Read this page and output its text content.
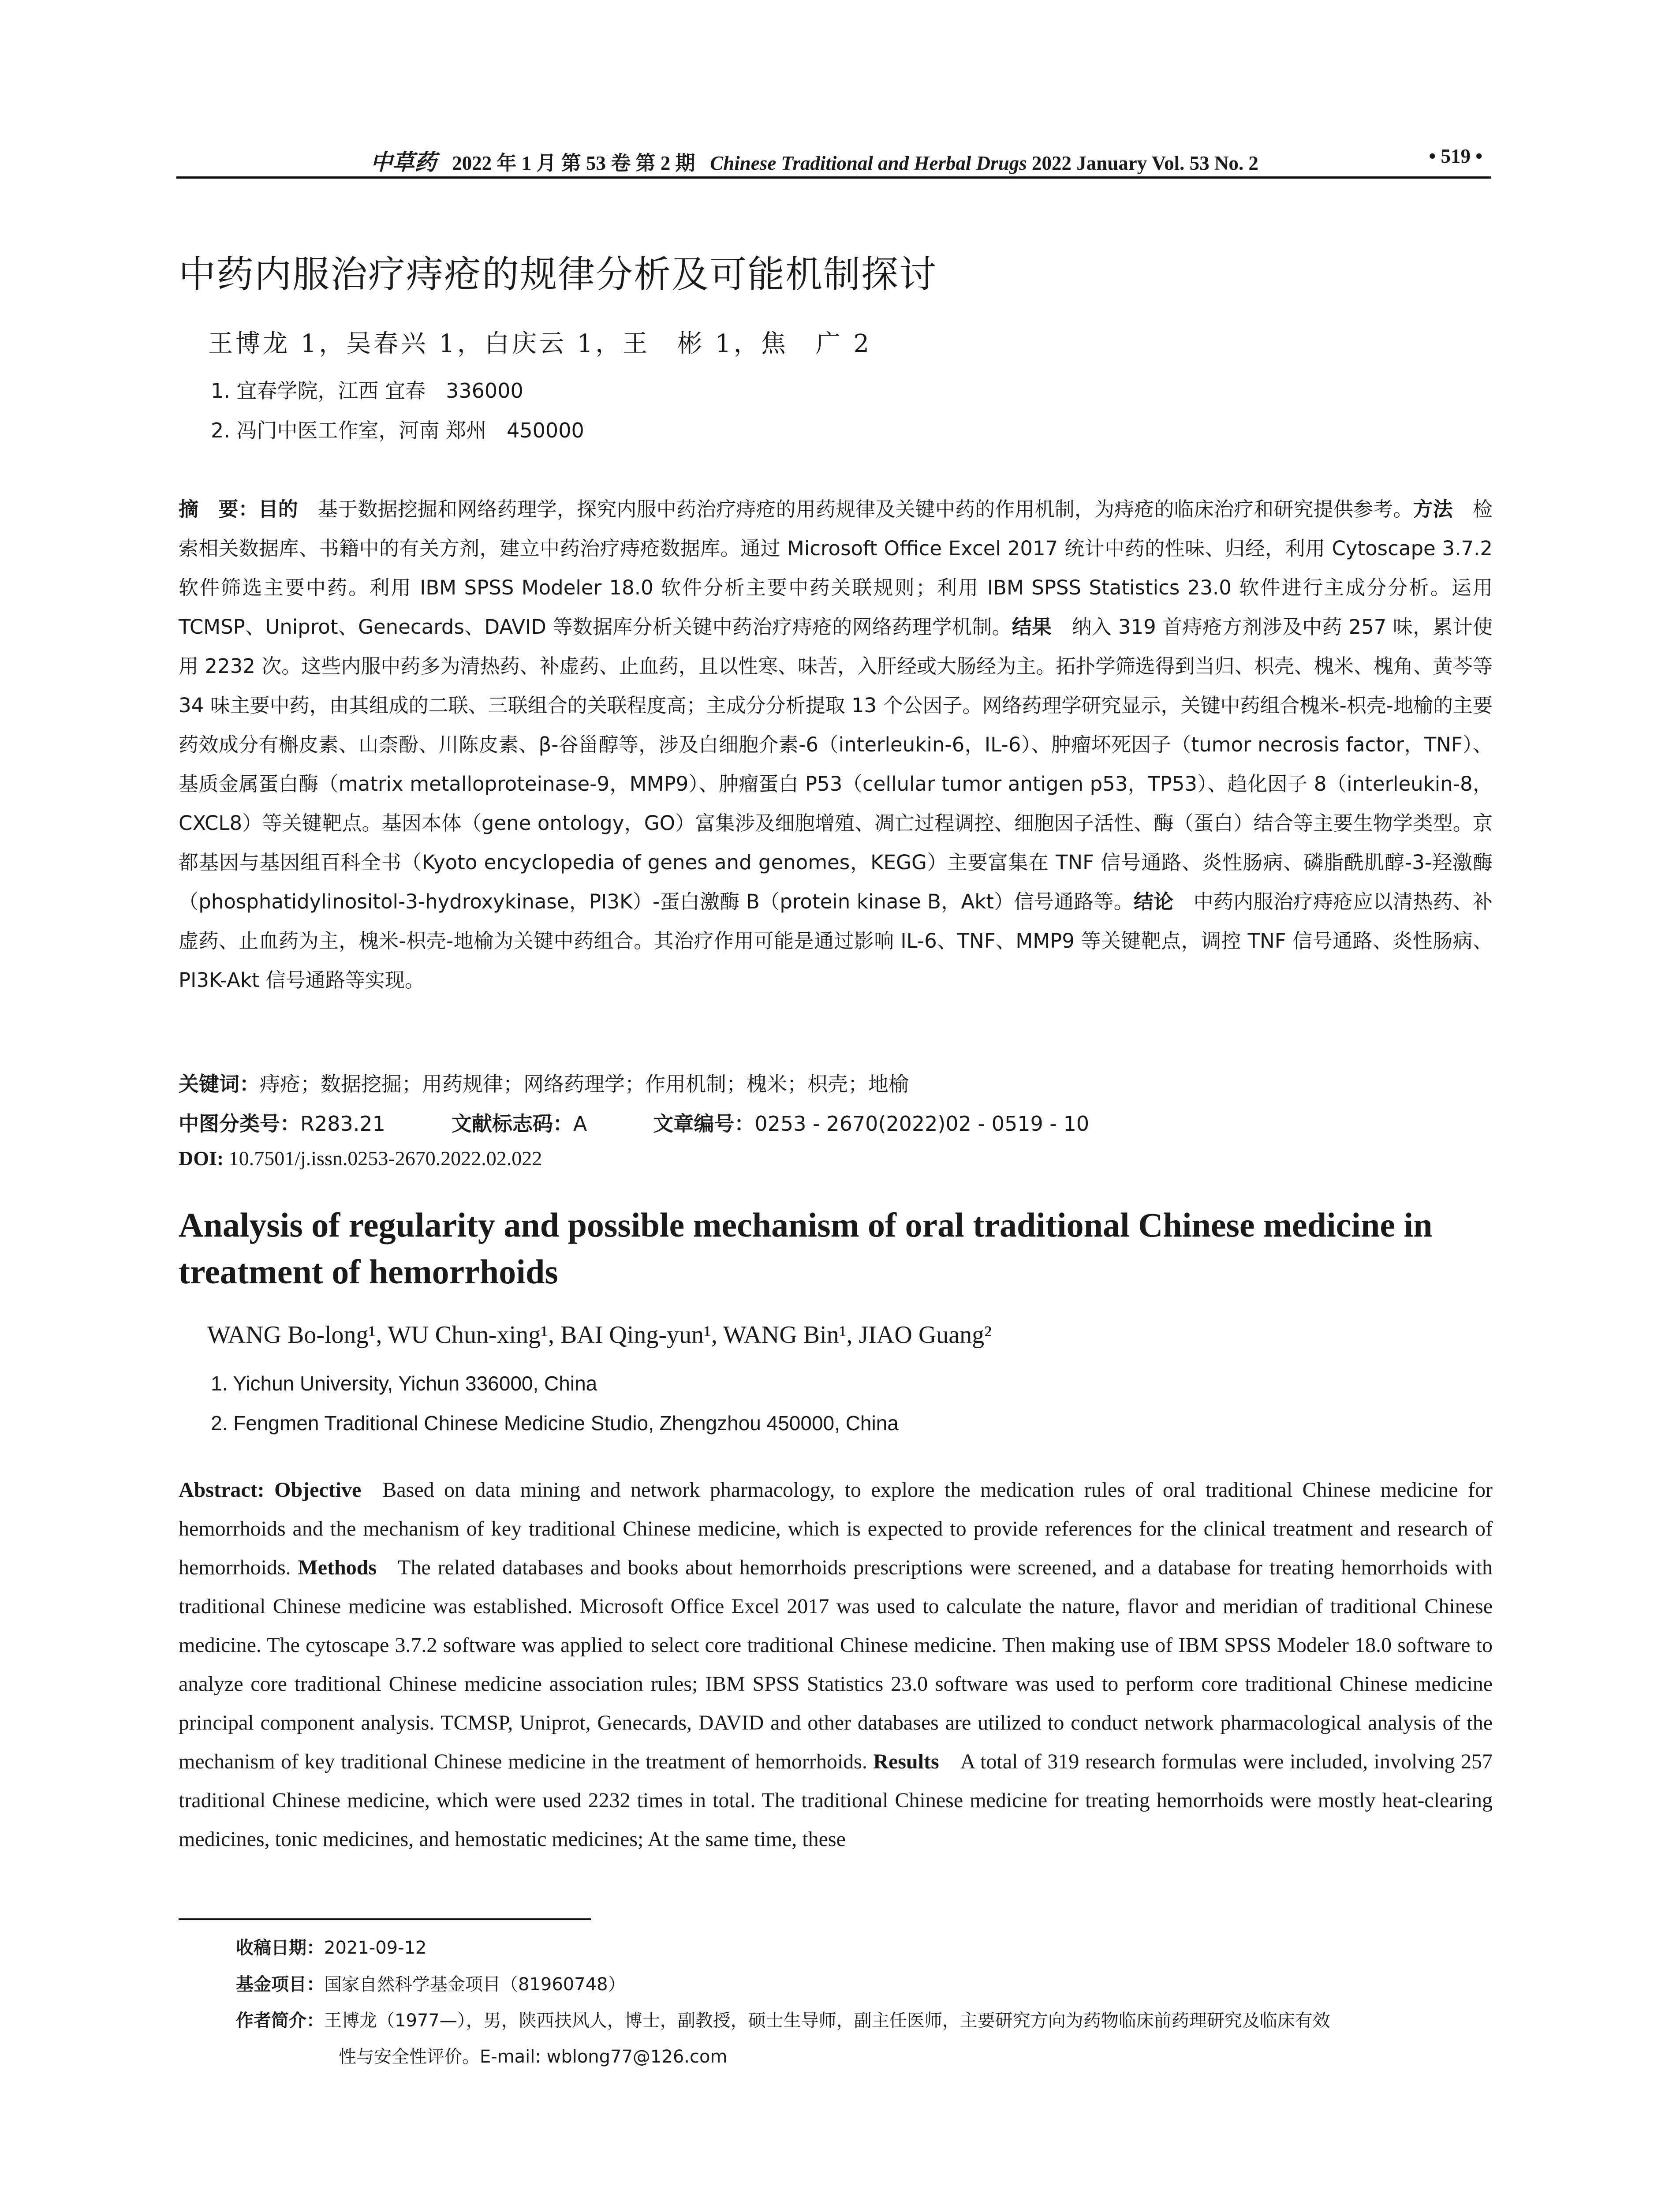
中草药 2022 年 1 月 第 53 卷 第 2 期 Chinese Traditional and Herbal Drugs 2022 January Vol. 53 No. 2	• 519 •
中药内服治疗痔疮的规律分析及可能机制探讨
王博龙 1，吴春兴 1，白庆云 1，王　彬 1，焦　广 2
1. 宜春学院，江西 宜春　336000
2. 冯门中医工作室，河南 郑州　450000
摘　要：目的  基于数据挖掘和网络药理学，探究内服中药治疗痔疮的用药规律及关键中药的作用机制，为痔疮的临床治疗和研究提供参考。方法  检索相关数据库、书籍中的有关方剂，建立中药治疗痔疮数据库。通过 Microsoft Office Excel 2017 统计中药的性味、归经，利用 Cytoscape 3.7.2 软件筛选主要中药。利用 IBM SPSS Modeler 18.0 软件分析主要中药关联规则；利用 IBM SPSS Statistics 23.0 软件进行主成分分析。运用 TCMSP、Uniprot、Genecards、DAVID 等数据库分析关键中药治疗痔疮的网络药理学机制。结果  纳入 319 首痔疮方剂涉及中药 257 味，累计使用 2232 次。这些内服中药多为清热药、补虚药、止血药，且以性寒、味苦，入肝经或大肠经为主。拓扑学筛选得到当归、枳壳、槐米、槐角、黄芩等 34 味主要中药，由其组成的二联、三联组合的关联程度高；主成分分析提取 13 个公因子。网络药理学研究显示，关键中药组合槐米-枳壳-地榆的主要药效成分有槲皮素、山柰酚、川陈皮素、β-谷甾醇等，涉及白细胞介素-6（interleukin-6，IL-6）、肿瘤坏死因子（tumor necrosis factor，TNF）、基质金属蛋白酶（matrix metalloproteinase-9，MMP9）、肿瘤蛋白 P53（cellular tumor antigen p53，TP53）、趋化因子 8（interleukin-8，CXCL8）等关键靶点。基因本体（gene ontology，GO）富集涉及细胞增殖、凋亡过程调控、细胞因子活性、酶（蛋白）结合等主要生物学类型。京都基因与基因组百科全书（Kyoto encyclopedia of genes and genomes，KEGG）主要富集在 TNF 信号通路、炎性肠病、磷脂酰肌醇-3-羟激酶（phosphatidylinositol-3-hydroxykinase，PI3K）-蛋白激酶 B（protein kinase B，Akt）信号通路等。结论  中药内服治疗痔疮应以清热药、补虚药、止血药为主，槐米-枳壳-地榆为关键中药组合。其治疗作用可能是通过影响 IL-6、TNF、MMP9 等关键靶点，调控 TNF 信号通路、炎性肠病、PI3K-Akt 信号通路等实现。
关键词：痔疮；数据挖掘；用药规律；网络药理学；作用机制；槐米；枳壳；地榆
中图分类号：R283.21	文献标志码：A	文章编号：0253 - 2670(2022)02 - 0519 - 10
DOI: 10.7501/j.issn.0253-2670.2022.02.022
Analysis of regularity and possible mechanism of oral traditional Chinese medicine in treatment of hemorrhoids
WANG Bo-long¹, WU Chun-xing¹, BAI Qing-yun¹, WANG Bin¹, JIAO Guang²
1. Yichun University, Yichun 336000, China
2. Fengmen Traditional Chinese Medicine Studio, Zhengzhou 450000, China
Abstract: Objective  Based on data mining and network pharmacology, to explore the medication rules of oral traditional Chinese medicine for hemorrhoids and the mechanism of key traditional Chinese medicine, which is expected to provide references for the clinical treatment and research of hemorrhoids. Methods  The related databases and books about hemorrhoids prescriptions were screened, and a database for treating hemorrhoids with traditional Chinese medicine was established. Microsoft Office Excel 2017 was used to calculate the nature, flavor and meridian of traditional Chinese medicine. The cytoscape 3.7.2 software was applied to select core traditional Chinese medicine. Then making use of IBM SPSS Modeler 18.0 software to analyze core traditional Chinese medicine association rules; IBM SPSS Statistics 23.0 software was used to perform core traditional Chinese medicine principal component analysis. TCMSP, Uniprot, Genecards, DAVID and other databases are utilized to conduct network pharmacological analysis of the mechanism of key traditional Chinese medicine in the treatment of hemorrhoids. Results  A total of 319 research formulas were included, involving 257 traditional Chinese medicine, which were used 2232 times in total. The traditional Chinese medicine for treating hemorrhoids were mostly heat-clearing medicines, tonic medicines, and hemostatic medicines; At the same time, these
收稿日期：2021-09-12
基金项目：国家自然科学基金项目（81960748）
作者简介：王博龙（1977—），男，陕西扶风人，博士，副教授，硕士生导师，副主任医师，主要研究方向为药物临床前药理研究及临床有效
性与安全性评价。E-mail: wblong77@126.com
